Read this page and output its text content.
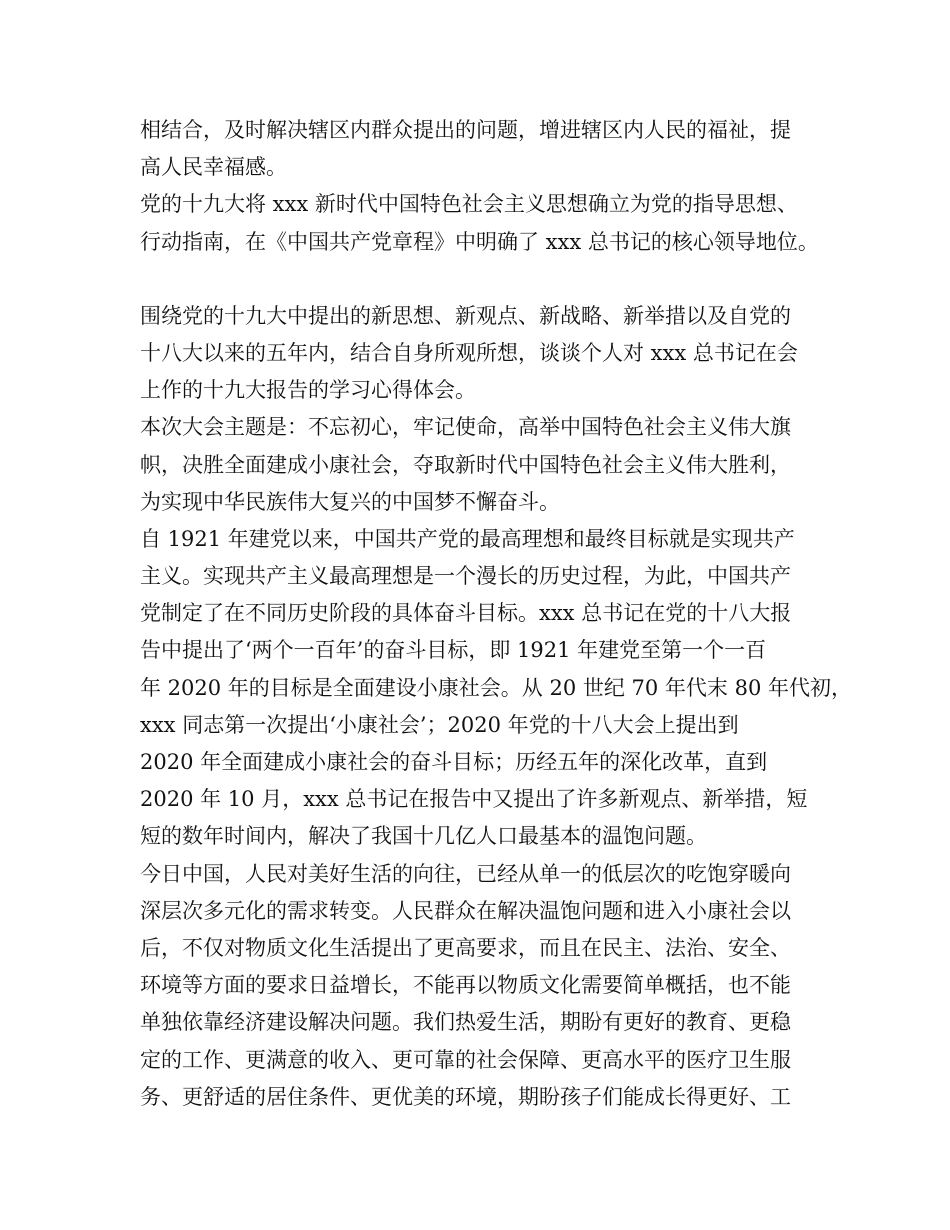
相结合，及时解决辖区内群众提出的问题，增进辖区内人民的福祉，提
高人民幸福感。
党的十九大将 xxx 新时代中国特色社会主义思想确立为党的指导思想、
行动指南，在《中国共产党章程》中明确了 xxx 总书记的核心领导地位。
围绕党的十九大中提出的新思想、新观点、新战略、新举措以及自党的
十八大以来的五年内，结合自身所观所想，谈谈个人对 xxx 总书记在会
上作的十九大报告的学习心得体会。
本次大会主题是：不忘初心，牢记使命，高举中国特色社会主义伟大旗
帜，决胜全面建成小康社会，夺取新时代中国特色社会主义伟大胜利，
为实现中华民族伟大复兴的中国梦不懈奋斗。
自 1921 年建党以来，中国共产党的最高理想和最终目标就是实现共产
主义。实现共产主义最高理想是一个漫长的历史过程，为此，中国共产
党制定了在不同历史阶段的具体奋斗目标。xxx 总书记在党的十八大报
告中提出了‘两个一百年’的奋斗目标，即 1921 年建党至第一个一百
年 2020 年的目标是全面建设小康社会。从 20 世纪 70 年代末 80 年代初，
xxx 同志第一次提出‘小康社会’；2020 年党的十八大会上提出到
2020 年全面建成小康社会的奋斗目标；历经五年的深化改革，直到
2020 年 10 月，xxx 总书记在报告中又提出了许多新观点、新举措，短
短的数年时间内，解决了我国十几亿人口最基本的温饱问题。
今日中国，人民对美好生活的向往，已经从单一的低层次的吃饱穿暖向
深层次多元化的需求转变。人民群众在解决温饱问题和进入小康社会以
后，不仅对物质文化生活提出了更高要求，而且在民主、法治、安全、
环境等方面的要求日益增长，不能再以物质文化需要简单概括，也不能
单独依靠经济建设解决问题。我们热爱生活，期盼有更好的教育、更稳
定的工作、更满意的收入、更可靠的社会保障、更高水平的医疗卫生服
务、更舒适的居住条件、更优美的环境，期盼孩子们能成长得更好、工
